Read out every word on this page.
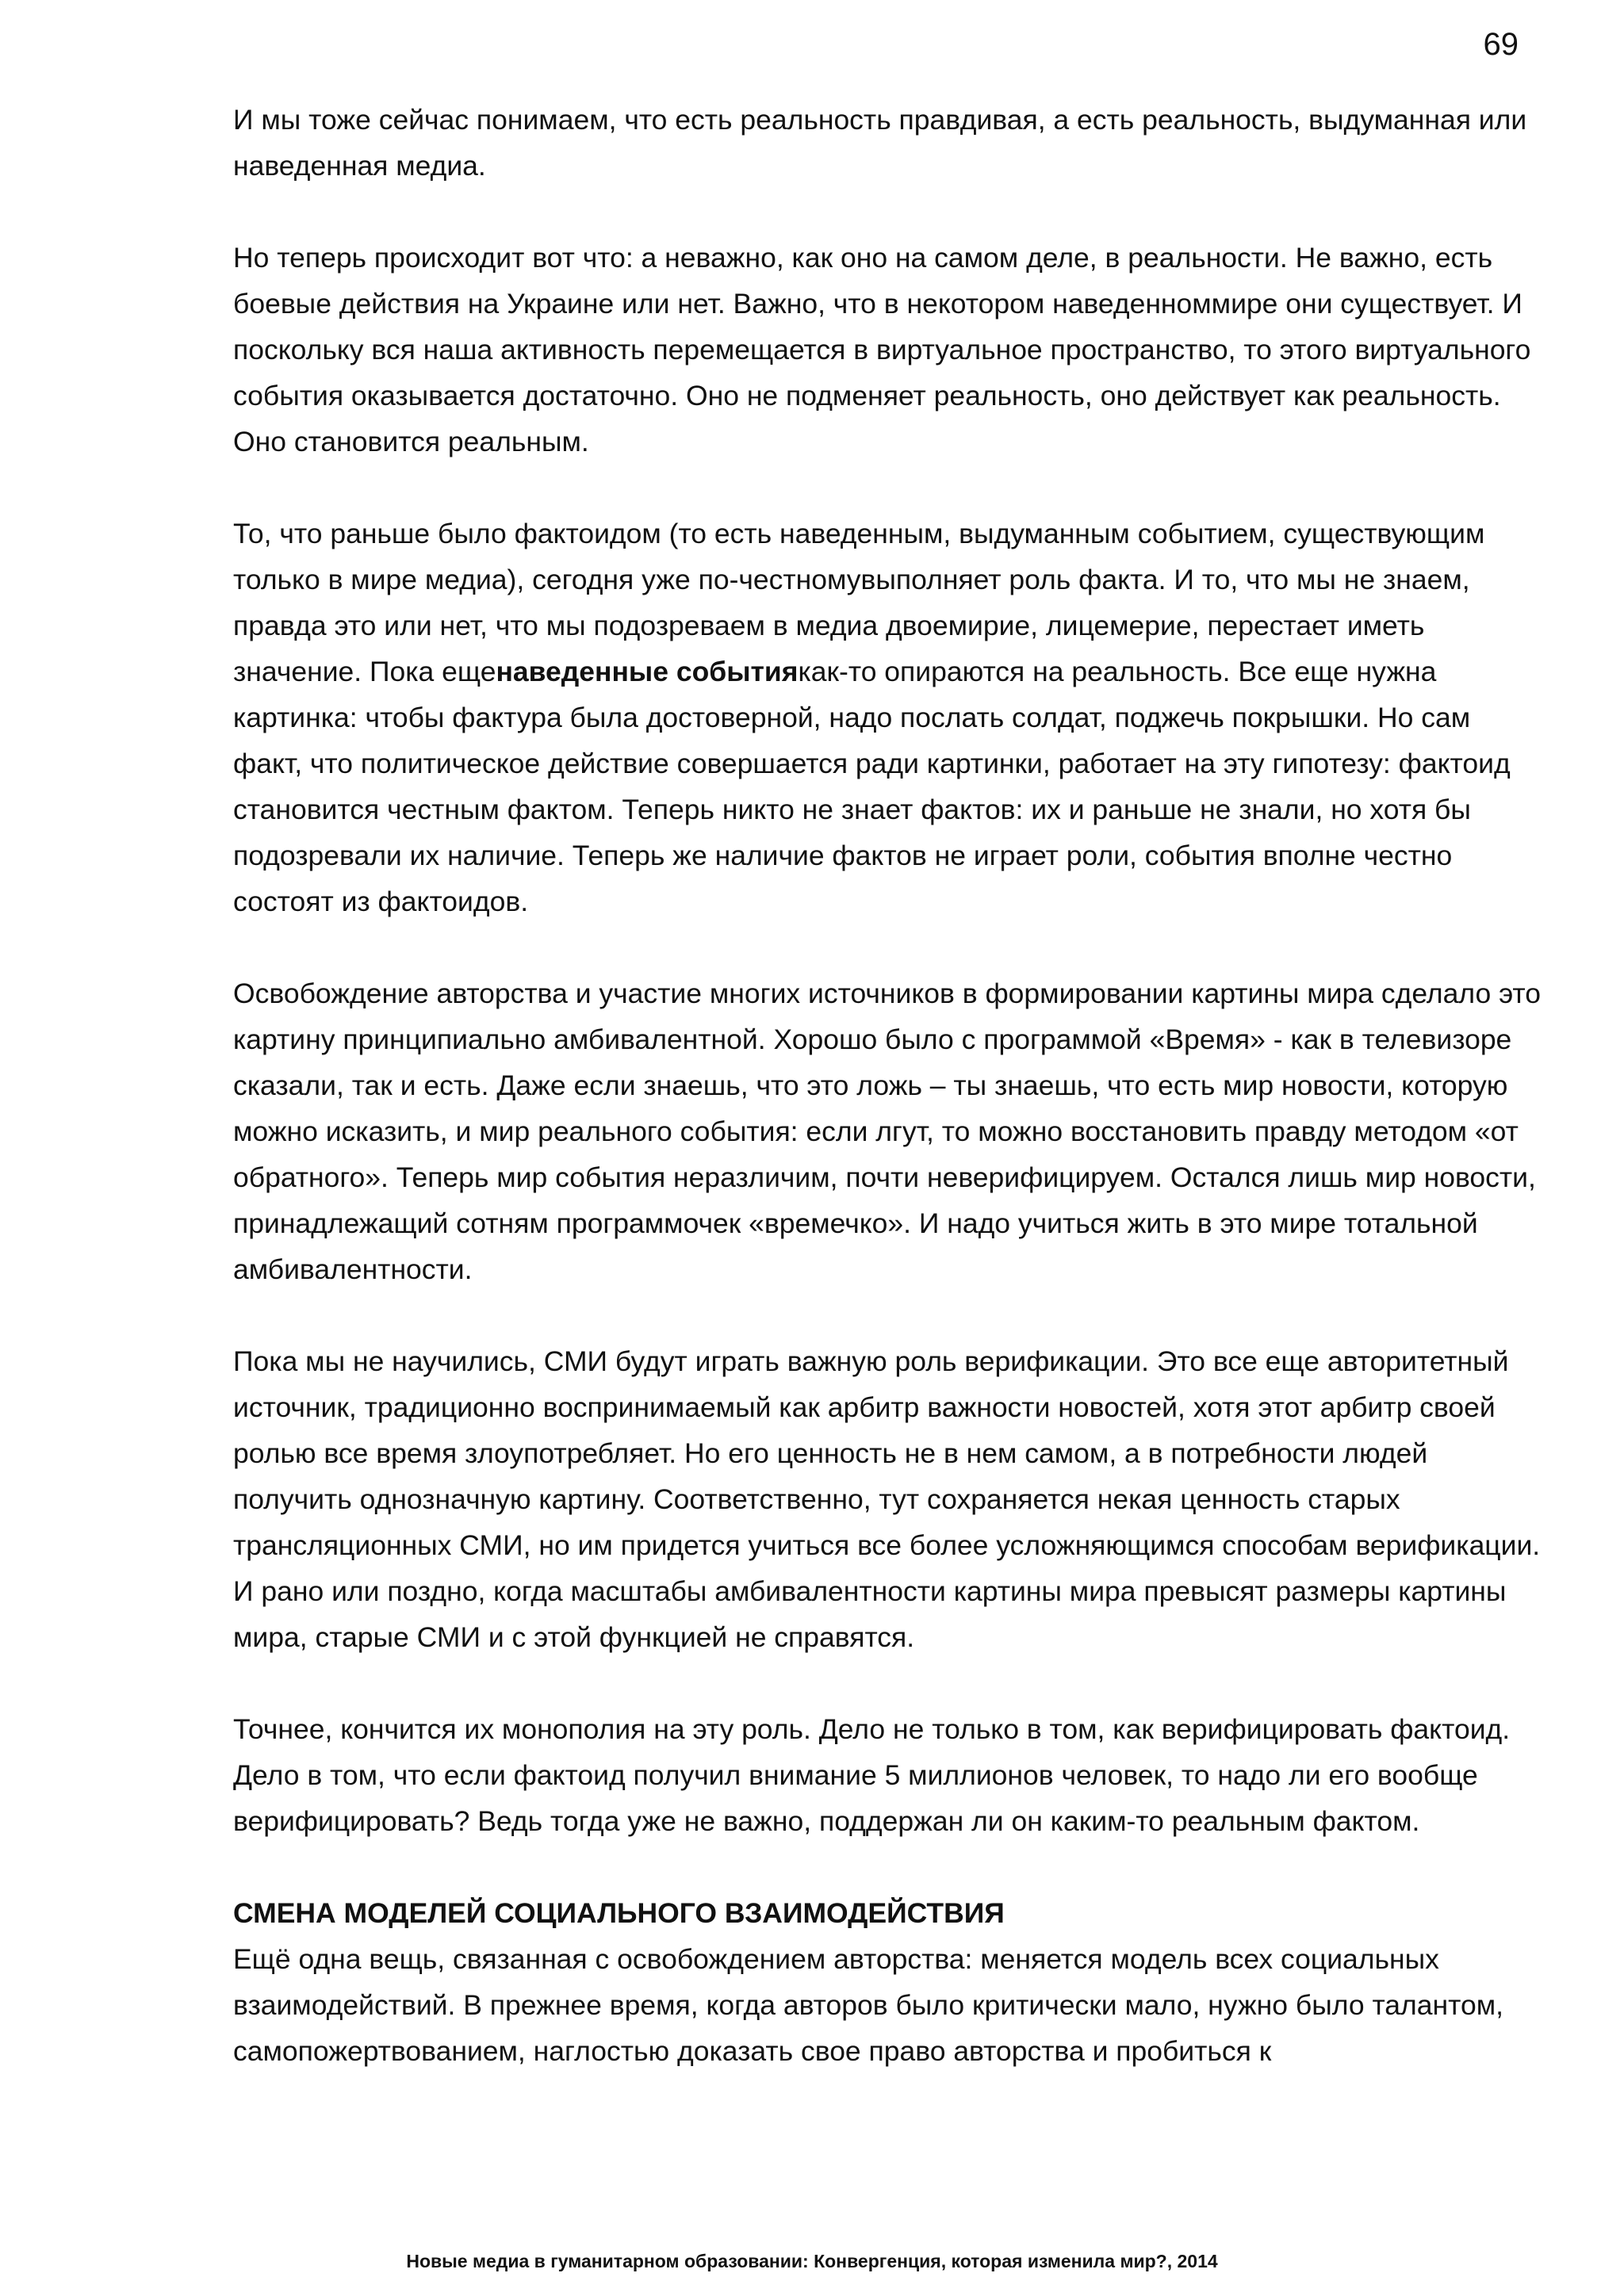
69

И мы тоже сейчас понимаем, что есть реальность правдивая, а есть реальность, выдуманная или наведенная медиа.

Но теперь происходит вот что: а неважно, как оно на самом деле, в реальности. Не важно, есть боевые действия на Украине или нет. Важно, что в некотором наведенноммире они существует. И поскольку вся наша активность перемещается в виртуальное пространство, то этого виртуального события оказывается достаточно. Оно не подменяет реальность, оно действует как реальность. Оно становится реальным.

То, что раньше было фактоидом (то есть наведенным, выдуманным событием, существующим только в мире медиа), сегодня уже по-честномувыполняет роль факта. И то, что мы не знаем, правда это или нет, что мы подозреваем в медиа двоемирие, лицемерие, перестает иметь значение. Пока ещенаведенные событиякак-то опираются на реальность. Все еще нужна картинка: чтобы фактура была достоверной, надо послать солдат, поджечь покрышки. Но сам факт, что политическое действие совершается ради картинки, работает на эту гипотезу: фактоид становится честным фактом. Теперь никто не знает фактов: их и раньше не знали, но хотя бы подозревали их наличие. Теперь же наличие фактов не играет роли, события вполне честно состоят из фактоидов.

Освобождение авторства и участие многих источников в формировании картины мира сделало это картину принципиально амбивалентной. Хорошо было с программой «Время» - как в телевизоре сказали, так и есть. Даже если знаешь, что это ложь – ты знаешь, что есть мир новости, которую можно исказить, и мир реального события: если лгут, то можно восстановить правду методом «от обратного». Теперь мир события неразличим, почти неверифицируем. Остался лишь мир новости, принадлежащий сотням программочек «времечко». И надо учиться жить в это мире тотальной амбивалентности.

Пока мы не научились, СМИ будут играть важную роль верификации. Это все еще авторитетный источник, традиционно воспринимаемый как арбитр важности новостей, хотя этот арбитр своей ролью все время злоупотребляет. Но его ценность не в нем самом, а в потребности людей получить однозначную картину. Соответственно, тут сохраняется некая ценность старых трансляционных СМИ, но им придется учиться все более усложняющимся способам верификации. И рано или поздно, когда масштабы амбивалентности картины мира превысят размеры картины мира, старые СМИ и с этой функцией не справятся.

Точнее, кончится их монополия на эту роль. Дело не только в том, как верифицировать фактоид. Дело в том, что если фактоид получил внимание 5 миллионов человек, то надо ли его вообще верифицировать? Ведь тогда уже не важно, поддержан ли он каким-то реальным фактом.

СМЕНА МОДЕЛЕЙ СОЦИАЛЬНОГО ВЗАИМОДЕЙСТВИЯ

Ещё одна вещь, связанная с освобождением авторства: меняется модель всех социальных взаимодействий. В прежнее время, когда авторов было критически мало, нужно было талантом, самопожертвованием, наглостью доказать свое право авторства и пробиться к

Новые медиа в гуманитарном образовании: Конвергенция, которая изменила мир?, 2014
